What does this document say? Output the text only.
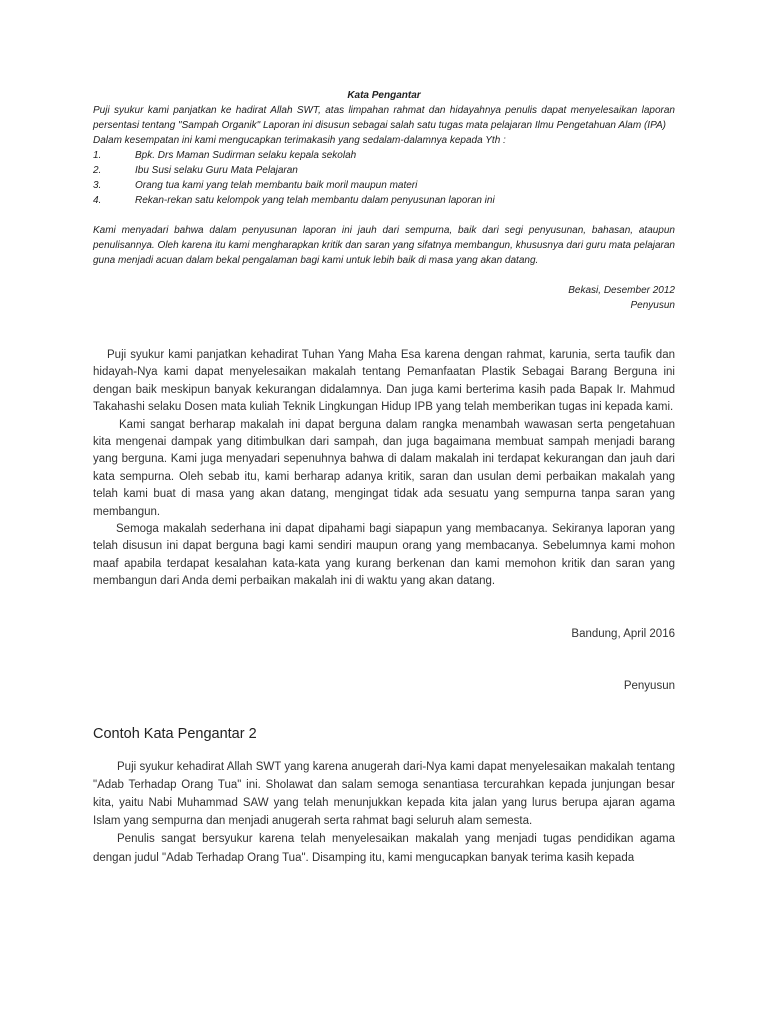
Kata Pengantar

Puji syukur kami panjatkan ke hadirat Allah SWT, atas limpahan rahmat dan hidayahnya penulis dapat menyelesaikan laporan persentasi tentang "Sampah Organik" Laporan ini disusun sebagai salah satu tugas mata pelajaran Ilmu Pengetahuan Alam (IPA)

Dalam kesempatan ini kami mengucapkan terimakasih yang sedalam-dalamnya kepada Yth :

1.	Bpk. Drs Maman Sudirman selaku kepala sekolah
2.	Ibu Susi selaku Guru Mata Pelajaran
3.	Orang tua kami yang telah membantu baik moril maupun materi
4.	Rekan-rekan satu kelompok yang telah membantu dalam penyusunan laporan ini

Kami menyadari bahwa dalam penyusunan laporan ini jauh dari sempurna, baik dari segi penyusunan, bahasan, ataupun penulisannya. Oleh karena itu kami mengharapkan kritik dan saran yang sifatnya membangun, khususnya dari guru mata pelajaran guna menjadi acuan dalam bekal pengalaman bagi kami untuk lebih baik di masa yang akan datang.

Bekasi, Desember 2012
Penyusun

Puji syukur kami panjatkan kehadirat Tuhan Yang Maha Esa karena dengan rahmat, karunia, serta taufik dan hidayah-Nya kami dapat menyelesaikan makalah tentang Pemanfaatan Plastik Sebagai Barang Berguna ini dengan baik meskipun banyak kekurangan didalamnya. Dan juga kami berterima kasih pada Bapak Ir. Mahmud Takahashi selaku Dosen mata kuliah Teknik Lingkungan Hidup IPB yang telah memberikan tugas ini kepada kami.

Kami sangat berharap makalah ini dapat berguna dalam rangka menambah wawasan serta pengetahuan kita mengenai dampak yang ditimbulkan dari sampah, dan juga bagaimana membuat sampah menjadi barang yang berguna. Kami juga menyadari sepenuhnya bahwa di dalam makalah ini terdapat kekurangan dan jauh dari kata sempurna. Oleh sebab itu, kami berharap adanya kritik, saran dan usulan demi perbaikan makalah yang telah kami buat di masa yang akan datang, mengingat tidak ada sesuatu yang sempurna tanpa saran yang membangun.

Semoga makalah sederhana ini dapat dipahami bagi siapapun yang membacanya. Sekiranya laporan yang telah disusun ini dapat berguna bagi kami sendiri maupun orang yang membacanya. Sebelumnya kami mohon maaf apabila terdapat kesalahan kata-kata yang kurang berkenan dan kami memohon kritik dan saran yang membangun dari Anda demi perbaikan makalah ini di waktu yang akan datang.

Bandung, April 2016
Penyusun
Contoh Kata Pengantar 2

Puji syukur kehadirat Allah SWT yang karena anugerah dari-Nya kami dapat menyelesaikan makalah tentang "Adab Terhadap Orang Tua" ini. Sholawat dan salam semoga senantiasa tercurahkan kepada junjungan besar kita, yaitu Nabi Muhammad SAW yang telah menunjukkan kepada kita jalan yang lurus berupa ajaran agama Islam yang sempurna dan menjadi anugerah serta rahmat bagi seluruh alam semesta.

Penulis sangat bersyukur karena telah menyelesaikan makalah yang menjadi tugas pendidikan agama dengan judul "Adab Terhadap Orang Tua". Disamping itu, kami mengucapkan banyak terima kasih kepada
